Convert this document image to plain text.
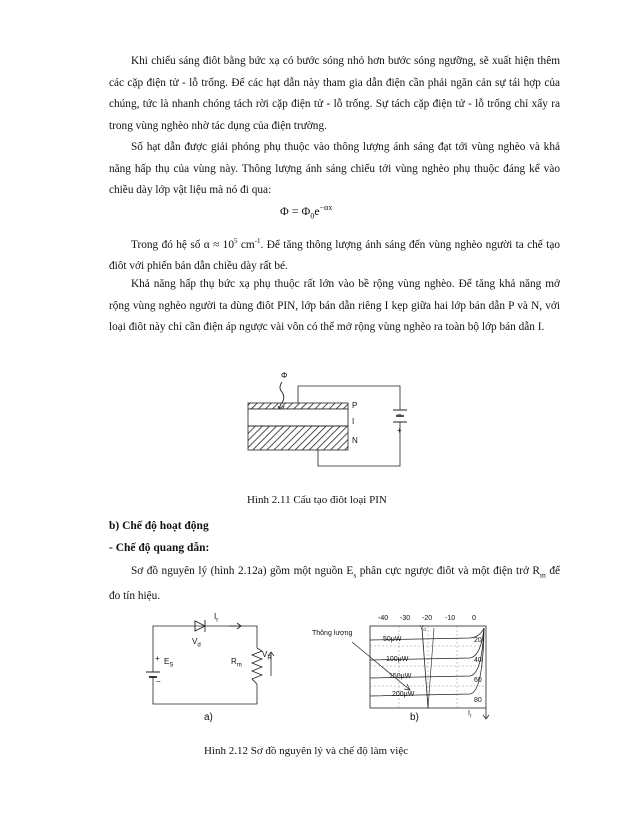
Khi chiếu sáng điôt bằng bức xạ có bước sóng nhỏ hơn bước sóng ngưỡng, sẽ xuất hiện thêm các cặp điện tử - lỗ trống. Để các hạt dẫn này tham gia dẫn điện cần phải ngăn cản sự tái hợp của chúng, tức là nhanh chóng tách rời cặp điện tử - lỗ trống. Sự tách cặp điện tử - lỗ trống chỉ xẩy ra trong vùng nghèo nhờ tác dụng của điện trường.

Số hạt dẫn được giải phóng phụ thuộc vào thông lượng ánh sáng đạt tới vùng nghèo và khả năng hấp thụ của vùng này. Thông lượng ánh sáng chiếu tới vùng nghèo phụ thuộc đáng kể vào chiều dày lớp vật liệu mà nó đi qua:

$\Phi = \Phi_0e^{-\alpha x}$

Trong đó hệ số $\alpha \approx 10^5$ $cm^{-1}$. Để tăng thông lượng ánh sáng đến vùng nghèo người ta chế tạo điôt với phiến bán dẫn chiều dày rất bé.

Khả năng hấp thụ bức xạ phụ thuộc rất lớn vào bề rộng vùng nghèo. Để tăng khả năng mở rộng vùng nghèo người ta dùng điôt PIN, lớp bán dẫn riêng I kẹp giữa hai lớp bán dẫn P và N, với loại điôt này chỉ cần điện áp ngược vài vôn có thể mở rộng vùng nghèo ra toàn bộ lớp bán dẫn I.

Φ
P
I
N
−
+
Hình 2.11 Cấu tạo điôt loại PIN
b) Chế độ hoạt động
- Chế độ quang dẫn:

Sơ đồ nguyên lý (hình 2.12a) gồm một nguồn $E_s$ phân cực ngược điôt và một điện trở $R_m$ để đo tín hiệu.

$I_r$
$V_d$
+ $E_S$
−
$R_m$
$V_R$
a)
-40 -30 -20 -10 0
$V_d$
Thông lượng
50μW
100μW
150μW
200μW
20
40
60
80
$I_r$
b)
Hình 2.12 Sơ đồ nguyên lý và chế độ làm việc
